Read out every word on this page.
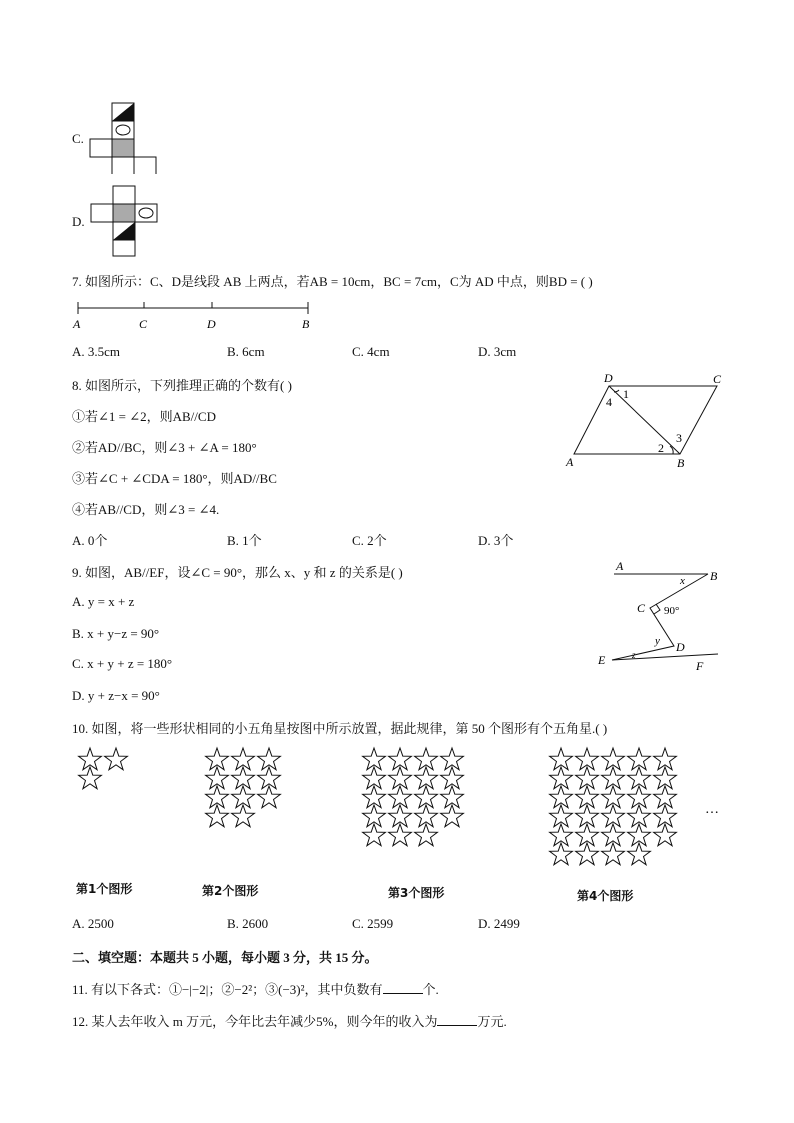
C.
D.
7. 如图所示：C、D是线段 AB 上两点，若AB = 10cm，BC = 7cm，C为 AD 中点，则BD = ( )
A	C	D	B
A. 3.5cm	B. 6cm	C. 4cm	D. 3cm
8. 如图所示，下列推理正确的个数有( )
①若∠1 = ∠2，则AB//CD
②若AD//BC，则∠3 + ∠A = 180°
③若∠C + ∠CDA = 180°，则AD//BC
④若AB//CD，则∠3 = ∠4.
A. 0个	B. 1个	C. 2个	D. 3个
D	C
A	B
1
4
2
3
9. 如图，AB//EF，设∠C = 90°，那么 x、y 和 z 的关系是( )
A. y = x + z
B. x + y−z = 90°
C. x + y + z = 180°
D. y + z−x = 90°
A
B
C
D
E	F
x
y
z
90°
10. 如图，将一些形状相同的小五角星按图中所示放置，据此规律，第 50 个图形有个五角星.( )
…
第1个图形	第2个图形	第3个图形	第4个图形
A. 2500	B. 2600	C. 2599	D. 2499
二、填空题：本题共 5 小题，每小题 3 分，共 15 分。
11. 有以下各式：①−|−2|；②−2²；③(−3)²，其中负数有	个.
12. 某人去年收入 m 万元，今年比去年减少5%，则今年的收入为	万元.
